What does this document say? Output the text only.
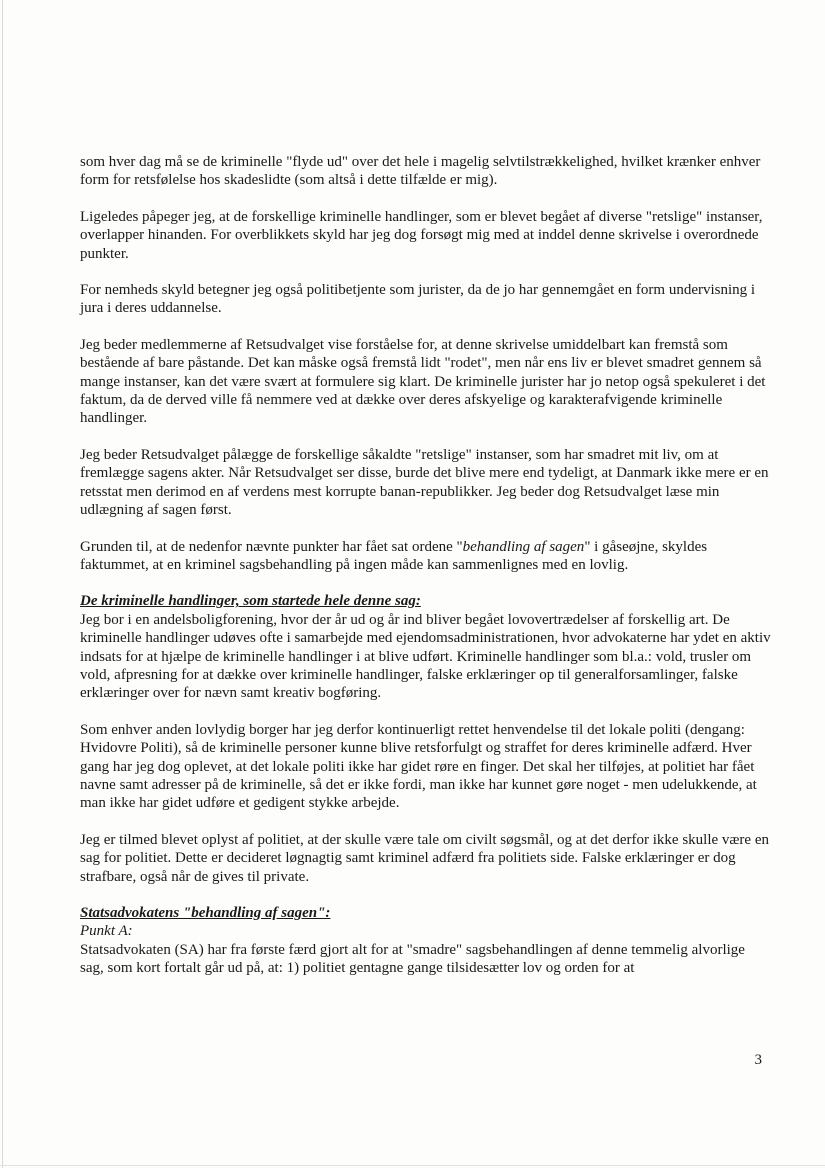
som hver dag må se de kriminelle "flyde ud" over det hele i magelig selvtilstrækkelighed, hvilket krænker enhver form for retsfølelse hos skadeslidte (som altså i dette tilfælde er mig).

Ligeledes påpeger jeg, at de forskellige kriminelle handlinger, som er blevet begået af diverse "retslige" instanser, overlapper hinanden. For overblikkets skyld har jeg dog forsøgt mig med at inddel denne skrivelse i overordnede punkter.

For nemheds skyld betegner jeg også politibetjente som jurister, da de jo har gennemgået en form undervisning i jura i deres uddannelse.

Jeg beder medlemmerne af Retsudvalget vise forståelse for, at denne skrivelse umiddelbart kan fremstå som bestående af bare påstande. Det kan måske også fremstå lidt "rodet", men når ens liv er blevet smadret gennem så mange instanser, kan det være svært at formulere sig klart. De kriminelle jurister har jo netop også spekuleret i det faktum, da de derved ville få nemmere ved at dække over deres afskyelige og karakterafvigende kriminelle handlinger.

Jeg beder Retsudvalget pålægge de forskellige såkaldte "retslige" instanser, som har smadret mit liv, om at fremlægge sagens akter. Når Retsudvalget ser disse, burde det blive mere end tydeligt, at Danmark ikke mere er en retsstat men derimod en af verdens mest korrupte banan-republikker. Jeg beder dog Retsudvalget læse min udlægning af sagen først.

Grunden til, at de nedenfor nævnte punkter har fået sat ordene "behandling af sagen" i gåseøjne, skyldes faktummet, at en kriminel sagsbehandling på ingen måde kan sammenlignes med en lovlig.

De kriminelle handlinger, som startede hele denne sag:

Jeg bor i en andelsboligforening, hvor der år ud og år ind bliver begået lovovertrædelser af forskellig art. De kriminelle handlinger udøves ofte i samarbejde med ejendomsadministrationen, hvor advokaterne har ydet en aktiv indsats for at hjælpe de kriminelle handlinger i at blive udført. Kriminelle handlinger som bl.a.: vold, trusler om vold, afpresning for at dække over kriminelle handlinger, falske erklæringer op til generalforsamlinger, falske erklæringer over for nævn samt kreativ bogføring.

Som enhver anden lovlydig borger har jeg derfor kontinuerligt rettet henvendelse til det lokale politi (dengang: Hvidovre Politi), så de kriminelle personer kunne blive retsforfulgt og straffet for deres kriminelle adfærd. Hver gang har jeg dog oplevet, at det lokale politi ikke har gidet røre en finger. Det skal her tilføjes, at politiet har fået navne samt adresser på de kriminelle, så det er ikke fordi, man ikke har kunnet gøre noget - men udelukkende, at man ikke har gidet udføre et gedigent stykke arbejde.

Jeg er tilmed blevet oplyst af politiet, at der skulle være tale om civilt søgsmål, og at det derfor ikke skulle være en sag for politiet. Dette er decideret løgnagtig samt kriminel adfærd fra politiets side. Falske erklæringer er dog strafbare, også når de gives til private.

Statsadvokatens "behandling af sagen":
Punkt A:

Statsadvokaten (SA) har fra første færd gjort alt for at "smadre" sagsbehandlingen af denne temmelig alvorlige sag, som kort fortalt går ud på, at: 1) politiet gentagne gange tilsidesætter lov og orden for at

3
